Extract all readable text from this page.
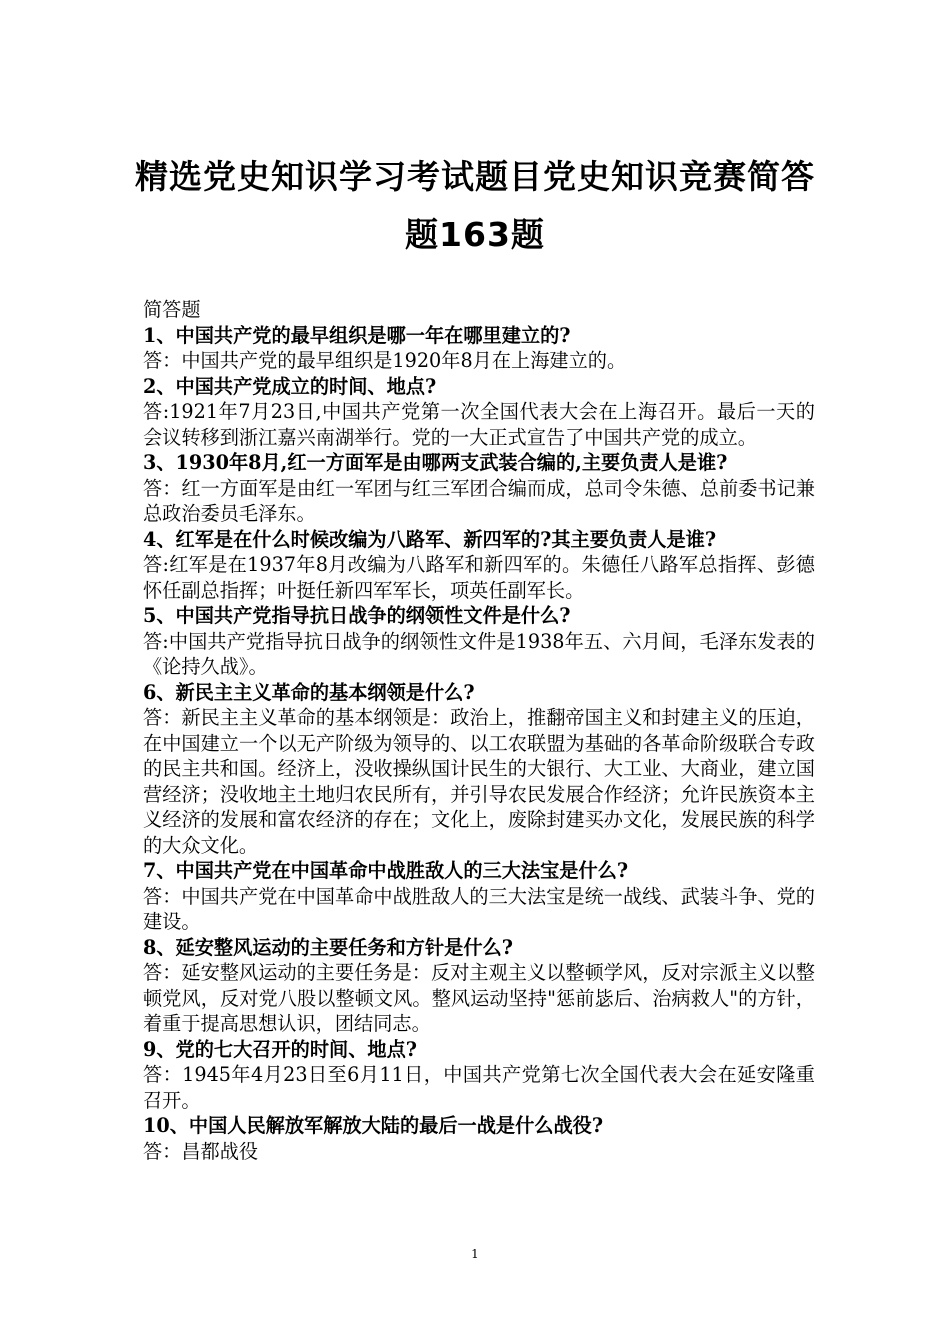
精选党史知识学习考试题目党史知识竞赛简答
题163题

简答题

1、中国共产党的最早组织是哪一年在哪里建立的?

答：中国共产党的最早组织是1920年8月在上海建立的。

2、中国共产党成立的时间、地点?

答:1921年7月23日,中国共产党第一次全国代表大会在上海召开。最后一天的会议转移到浙江嘉兴南湖举行。党的一大正式宣告了中国共产党的成立。

3、1930年8月,红一方面军是由哪两支武装合编的,主要负责人是谁?

答：红一方面军是由红一军团与红三军团合编而成，总司令朱德、总前委书记兼总政治委员毛泽东。

4、红军是在什么时候改编为八路军、新四军的?其主要负责人是谁?

答:红军是在1937年8月改编为八路军和新四军的。朱德任八路军总指挥、彭德怀任副总指挥；叶挺任新四军军长，项英任副军长。

5、中国共产党指导抗日战争的纲领性文件是什么?

答:中国共产党指导抗日战争的纲领性文件是1938年五、六月间，毛泽东发表的《论持久战》。

6、新民主主义革命的基本纲领是什么?

答：新民主主义革命的基本纲领是：政治上，推翻帝国主义和封建主义的压迫，在中国建立一个以无产阶级为领导的、以工农联盟为基础的各革命阶级联合专政的民主共和国。经济上，没收操纵国计民生的大银行、大工业、大商业，建立国营经济；没收地主土地归农民所有，并引导农民发展合作经济；允许民族资本主义经济的发展和富农经济的存在；文化上，废除封建买办文化，发展民族的科学的大众文化。

7、中国共产党在中国革命中战胜敌人的三大法宝是什么?

答：中国共产党在中国革命中战胜敌人的三大法宝是统一战线、武装斗争、党的建设。

8、延安整风运动的主要任务和方针是什么?

答：延安整风运动的主要任务是：反对主观主义以整顿学风，反对宗派主义以整顿党风，反对党八股以整顿文风。整风运动坚持"惩前毖后、治病救人"的方针，着重于提高思想认识，团结同志。

9、党的七大召开的时间、地点?

答：1945年4月23日至6月11日，中国共产党第七次全国代表大会在延安隆重召开。

10、中国人民解放军解放大陆的最后一战是什么战役?

答：昌都战役

1
